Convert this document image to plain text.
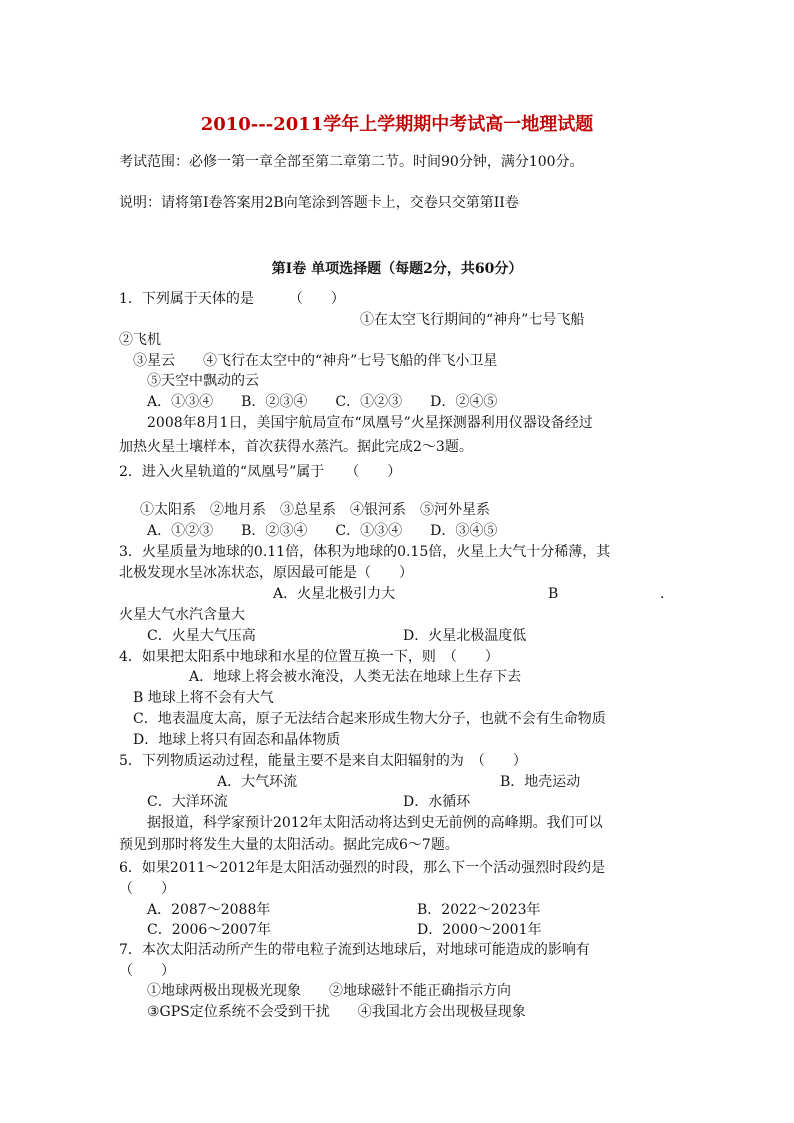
2010---2011学年上学期期中考试高一地理试题
考试范围：必修一第一章全部至第二章第二节。时间90分钟，满分100分。
说明：请将第I卷答案用2B向笔涂到答题卡上，交卷只交第第II卷
第I卷 单项选择题（每题2分，共60分）
1．下列属于天体的是　　　（　　）
①在太空飞行期间的“神舟”七号飞船
②飞机
③星云　　④飞行在太空中的“神舟”七号飞船的伴飞小卫星
⑤天空中飘动的云
A．①③④　　B．②③④　　C．①②③　　D．②④⑤
2008年8月1日，美国宇航局宣布“凤凰号”火星探测器利用仪器设备经过
加热火星土壤样本，首次获得水蒸汽。据此完成2～3题。
2．进入火星轨道的“凤凰号”属于　　（　　）
①太阳系　②地月系　③总星系　④银河系　⑤河外星系
A．①②③　　B．②③④　　C．①③④　　D．③④⑤
3．火星质量为地球的0.11倍，体积为地球的0.15倍，火星上大气十分稀薄，其
北极发现水呈冰冻状态，原因最可能是（　　）
A．火星北极引力大	B	.
火星大气水汽含量大
C．火星大气压高	D．火星北极温度低
4．如果把太阳系中地球和水星的位置互换一下，则　（　　）
A．地球上将会被水淹没，人类无法在地球上生存下去
B 地球上将不会有大气
C．地表温度太高，原子无法结合起来形成生物大分子，也就不会有生命物质
D．地球上将只有固态和晶体物质
5．下列物质运动过程，能量主要不是来自太阳辐射的为　（　　）
A．大气环流	B．地壳运动
C．大洋环流	D．水循环
据报道，科学家预计2012年太阳活动将达到史无前例的高峰期。我们可以
预见到那时将发生大量的太阳活动。据此完成6～7题。
6．如果2011～2012年是太阳活动强烈的时段，那么下一个活动强烈时段约是
（　　）
A．2087～2088年	B．2022～2023年
C．2006～2007年	D．2000～2001年
7．本次太阳活动所产生的带电粒子流到达地球后，对地球可能造成的影响有
（　　）
①地球两极出现极光现象　　②地球磁针不能正确指示方向
③GPS定位系统不会受到干扰　　④我国北方会出现极昼现象
